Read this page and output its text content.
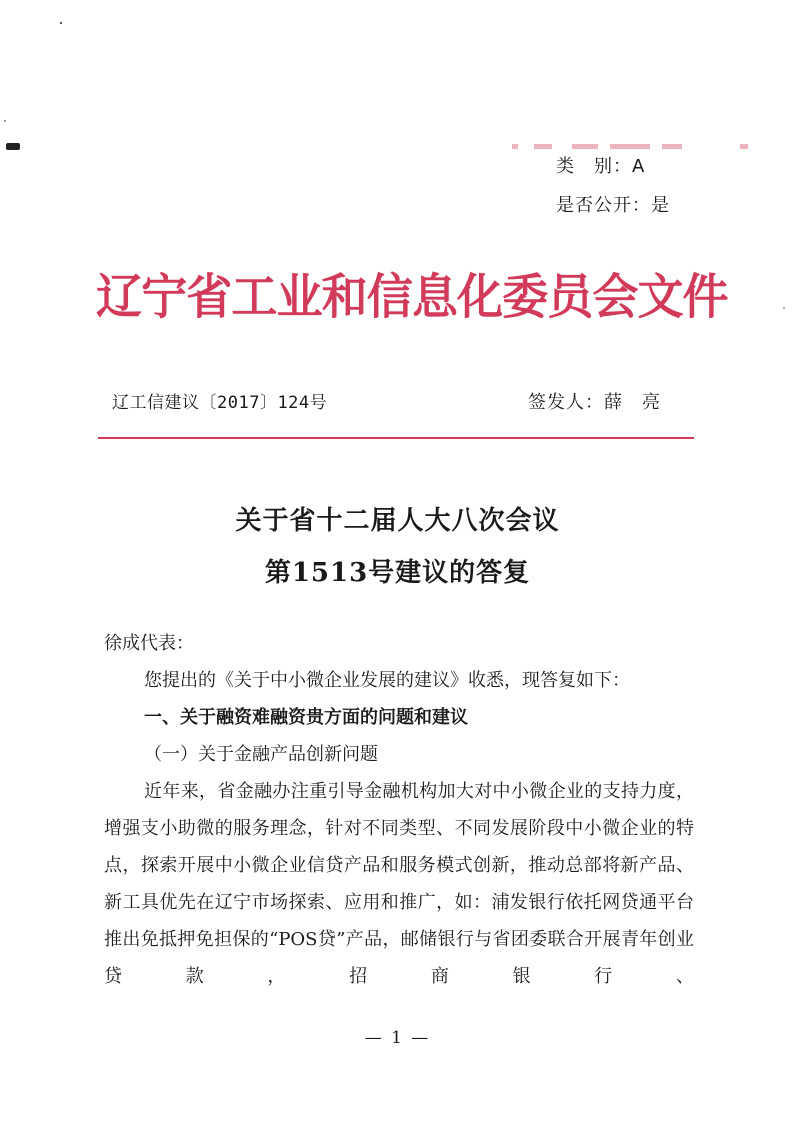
类　别：A
是否公开：是
辽宁省工业和信息化委员会文件
辽工信建议〔2017〕124号	签发人：薛　亮
关于省十二届人大八次会议
第1513号建议的答复

徐成代表：

您提出的《关于中小微企业发展的建议》收悉，现答复如下：

一、关于融资难融资贵方面的问题和建议

（一）关于金融产品创新问题

近年来，省金融办注重引导金融机构加大对中小微企业的支持力度，增强支小助微的服务理念，针对不同类型、不同发展阶段中小微企业的特点，探索开展中小微企业信贷产品和服务模式创新，推动总部将新产品、新工具优先在辽宁市场探索、应用和推广，如：浦发银行依托网贷通平台推出免抵押免担保的“POS贷”产品，邮储银行与省团委联合开展青年创业贷款，招商银行、

— 1 —
